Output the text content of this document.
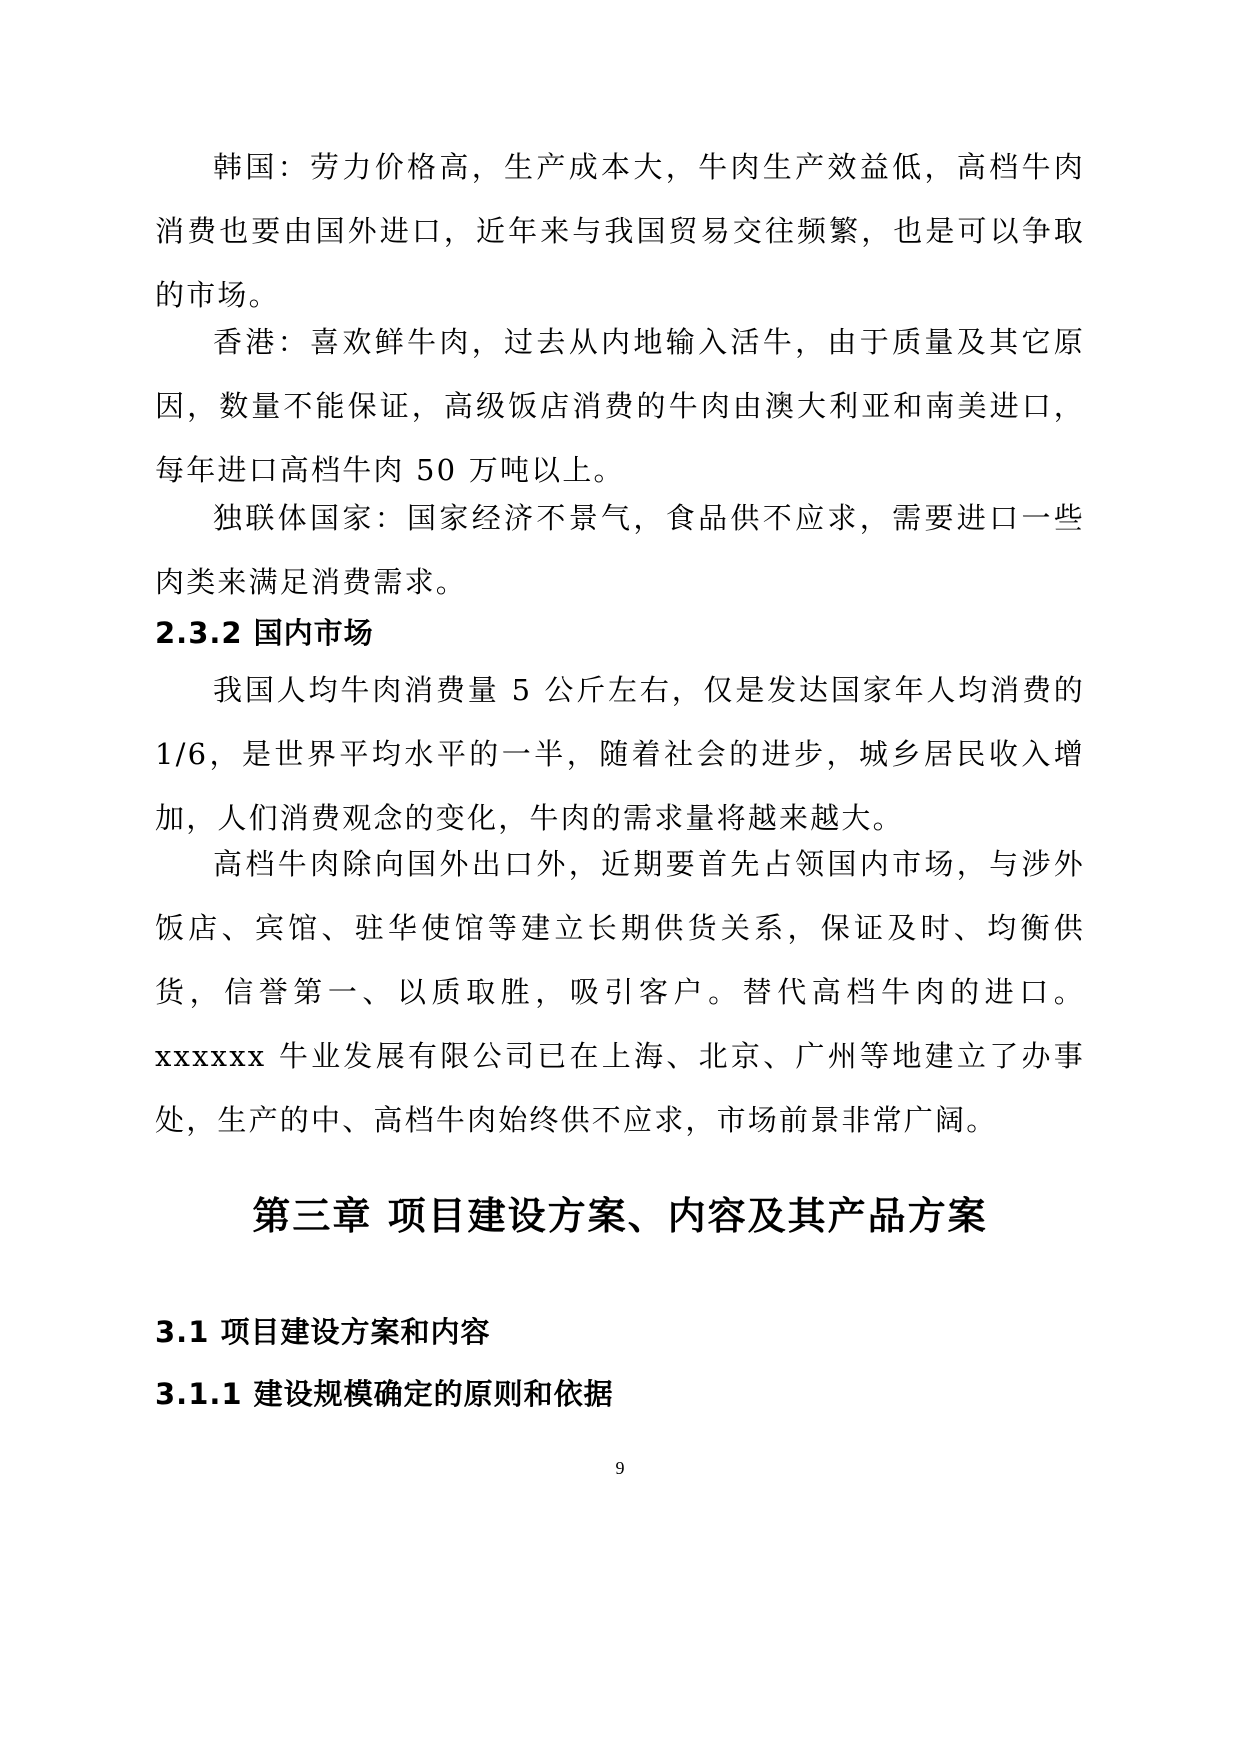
韩国：劳力价格高，生产成本大，牛肉生产效益低，高档牛肉消费也要由国外进口，近年来与我国贸易交往频繁，也是可以争取的市场。

香港：喜欢鲜牛肉，过去从内地输入活牛，由于质量及其它原因，数量不能保证，高级饭店消费的牛肉由澳大利亚和南美进口，每年进口高档牛肉 50 万吨以上。

独联体国家：国家经济不景气，食品供不应求，需要进口一些肉类来满足消费需求。

2.3.2 国内市场

我国人均牛肉消费量 5 公斤左右，仅是发达国家年人均消费的 1/6，是世界平均水平的一半，随着社会的进步，城乡居民收入增加，人们消费观念的变化，牛肉的需求量将越来越大。

高档牛肉除向国外出口外，近期要首先占领国内市场，与涉外饭店、宾馆、驻华使馆等建立长期供货关系，保证及时、均衡供货，信誉第一、以质取胜，吸引客户。替代高档牛肉的进口。xxxxxx 牛业发展有限公司已在上海、北京、广州等地建立了办事处，生产的中、高档牛肉始终供不应求，市场前景非常广阔。

第三章 项目建设方案、内容及其产品方案
3.1 项目建设方案和内容
3.1.1 建设规模确定的原则和依据
9
